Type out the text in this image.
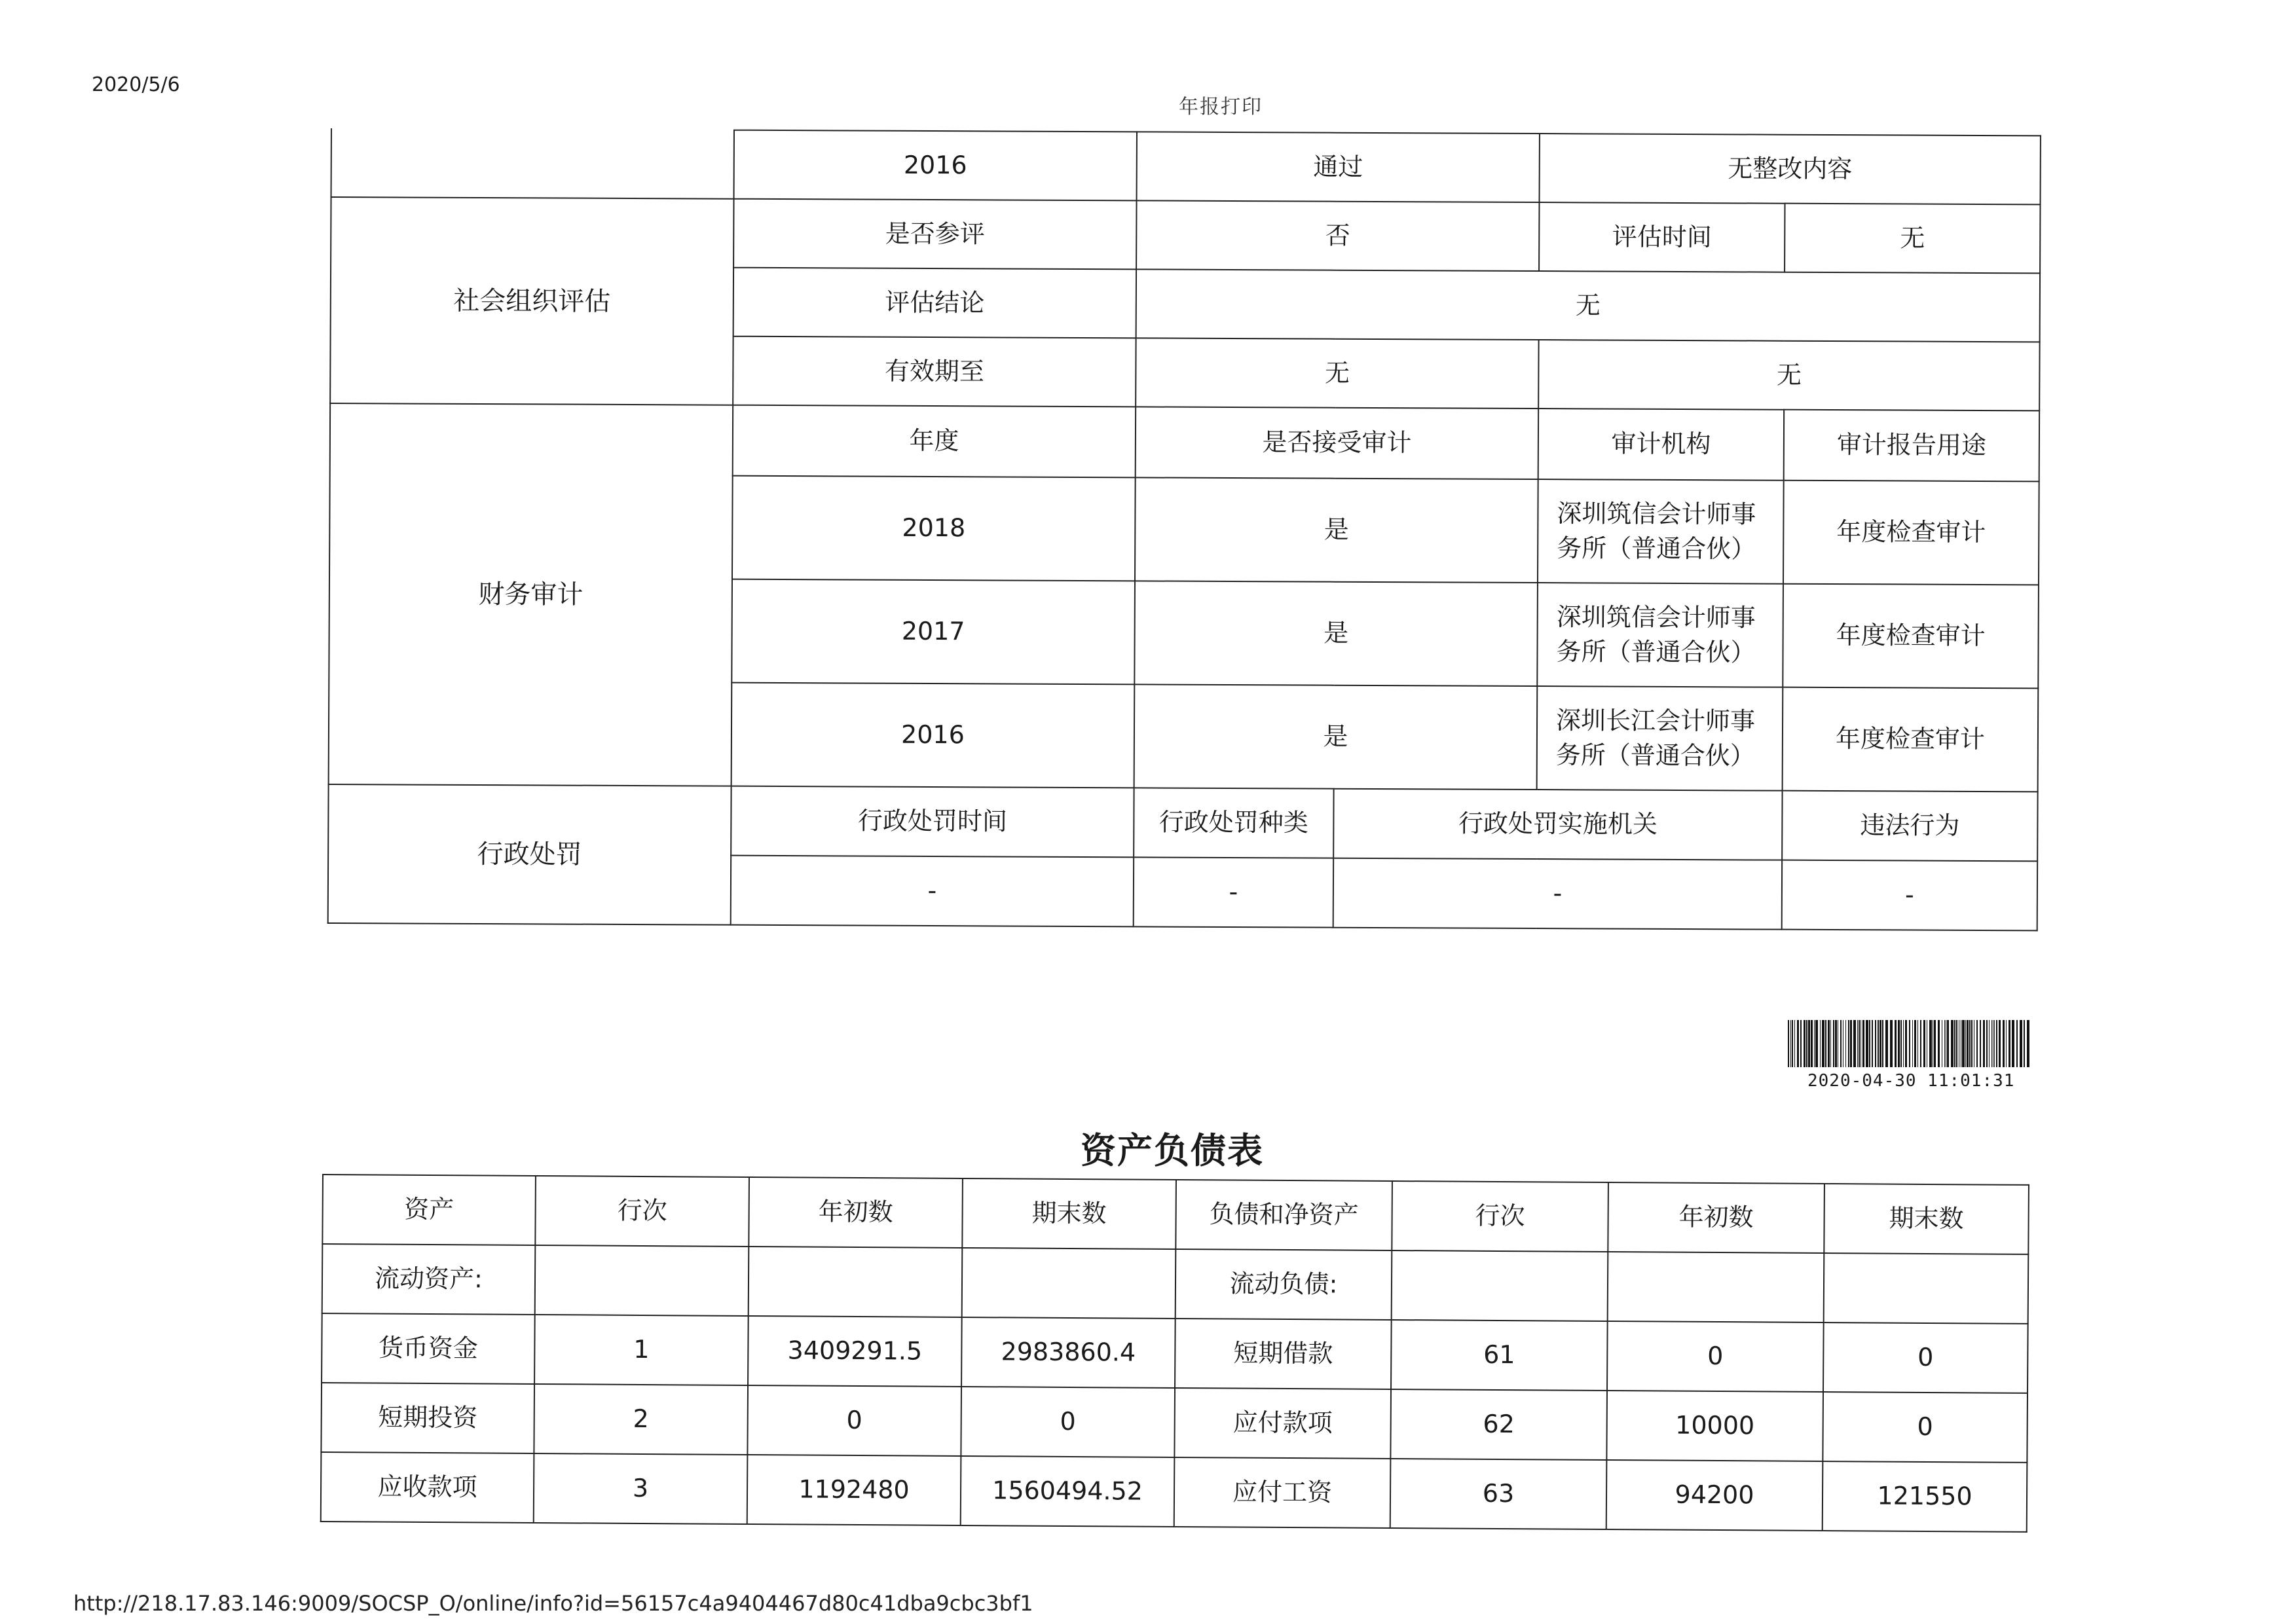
2020/5/6
年报打印
	2016	通过		无整改内容	
社会组织评估	是否参评	否		评估时间	无
	评估结论	无			
	有效期至	无		无	
财务审计	年度	是否接受审计		审计机构	审计报告用途
	2018	是		深圳筑信会计师事务所（普通合伙）	年度检查审计
	2017	是		深圳筑信会计师事务所（普通合伙）	年度检查审计
	2016	是		深圳长江会计师事务所（普通合伙）	年度检查审计
行政处罚	行政处罚时间	行政处罚种类	行政处罚实施机关		违法行为
	-	-	-		-
2020-04-30 11:01:31
资产负债表
资产	行次	年初数	期末数	负债和净资产	行次	年初数	期末数
流动资产:				流动负债:			
货币资金	1	3409291.5	2983860.4	短期借款	61	0	0
短期投资	2	0	0	应付款项	62	10000	0
应收款项	3	1192480	1560494.52	应付工资	63	94200	121550
http://218.17.83.146:9009/SOCSP_O/online/info?id=56157c4a9404467d80c41dba9cbc3bf1
